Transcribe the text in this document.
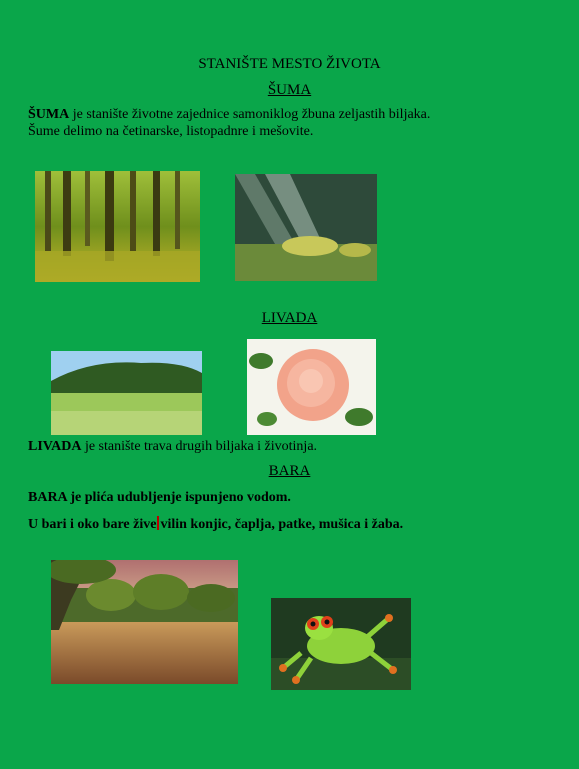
STANIŠTE MESTO ŽIVOTA
ŠUMA
ŠUMA je stanište životne zajednice samoniklog žbuna zeljastih biljaka.
Šume delimo na četinarske, listopadnre i mešovite.
LIVADA
LIVADA je stanište trava drugih biljaka i životinja.
BARA
BARA je plića udubljenje ispunjeno vodom.
U bari i oko bare žive vilin konjic, čaplja, patke, mušica i žaba.
